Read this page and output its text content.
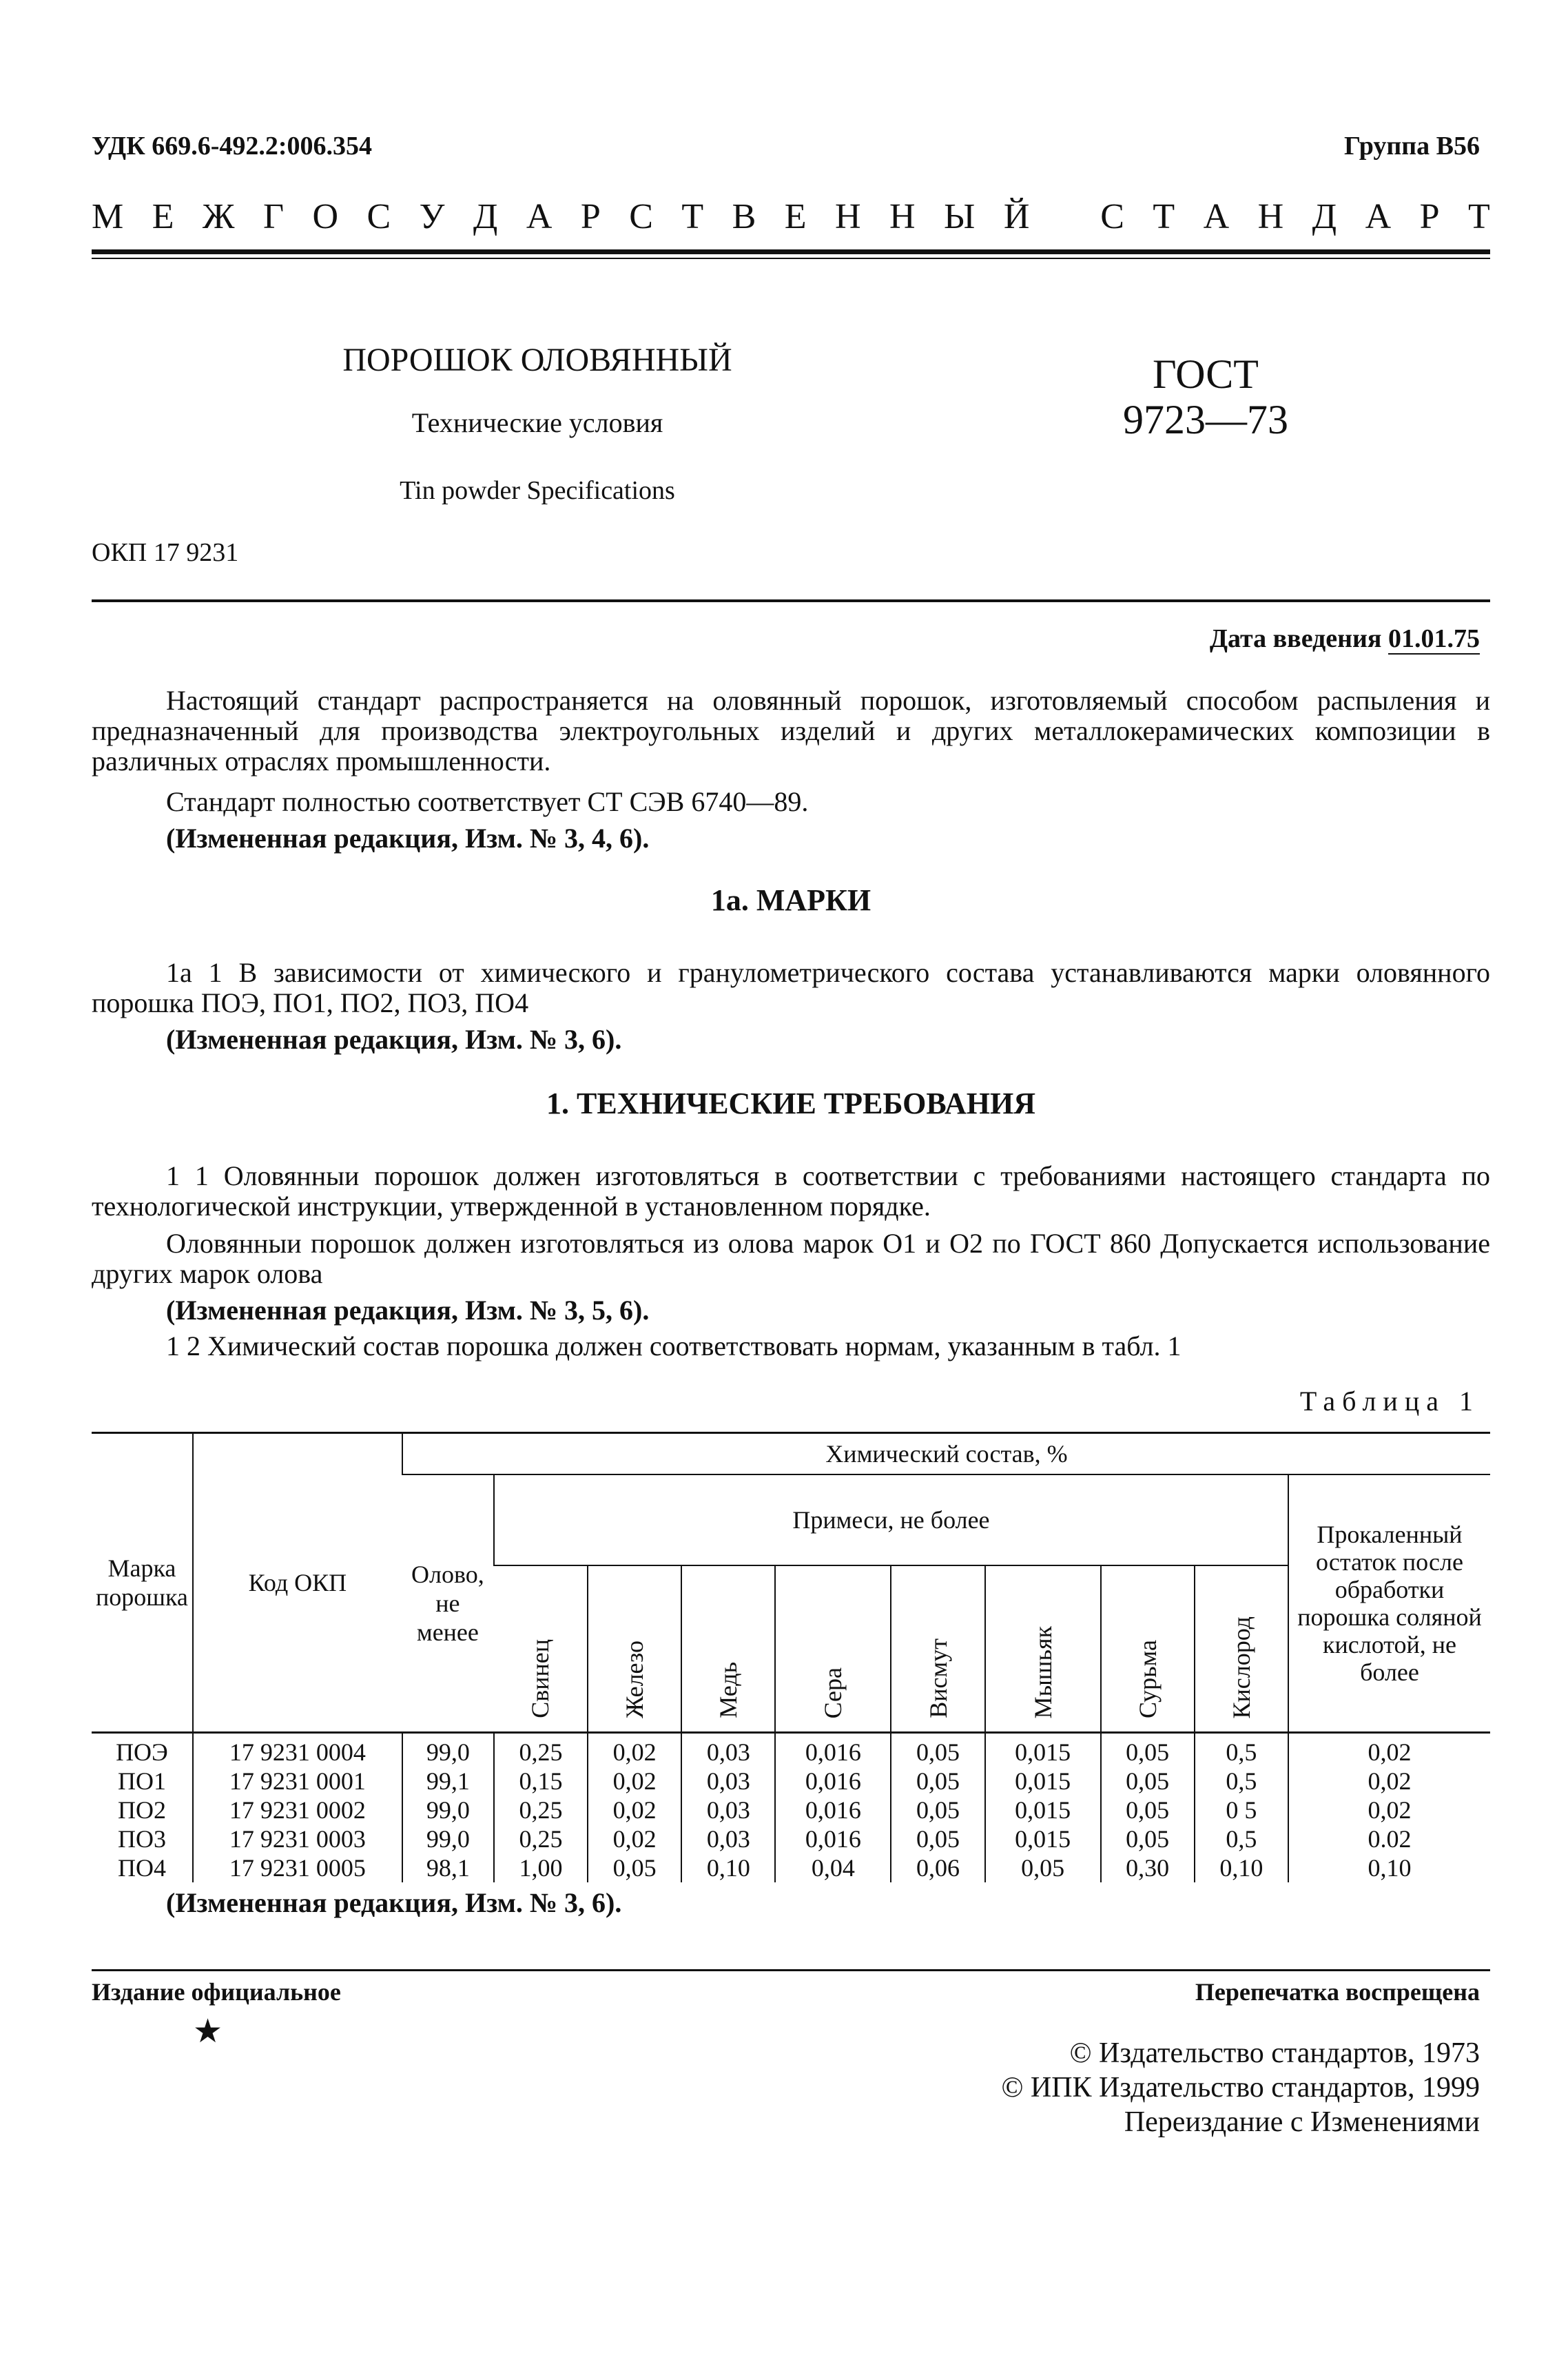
УДК 669.6-492.2:006.354	Группа В56
М Е Ж Г О С У Д А Р С Т В Е Н Н Ы Й С Т А Н Д А Р Т
ПОРОШОК ОЛОВЯННЫЙ
Технические условия
Tin powder Specifications
ГОСТ
9723—73
ОКП 17 9231
Дата введения 01.01.75
Настоящий стандарт распространяется на оловянный порошок, изготовляемый способом распыления и предназначенный для производства электроугольных изделий и других металлокерамических композиции в различных отраслях промышленности.
Стандарт полностью соответствует СТ СЭВ 6740—89.
(Измененная редакция, Изм. № 3, 4, 6).
1а. МАРКИ
1а 1 В зависимости от химического и гранулометрического состава устанавливаются марки оловянного порошка ПОЭ, ПО1, ПО2, ПО3, ПО4
(Измененная редакция, Изм. № 3, 6).
1. ТЕХНИЧЕСКИЕ ТРЕБОВАНИЯ
1 1 Оловянныи порошок должен изготовляться в соответствии с требованиями настоящего стандарта по технологической инструкции, утвержденной в установленном порядке.
Оловянныи порошок должен изготовляться из олова марок О1 и О2 по ГОСТ 860 Допускается использование других марок олова
(Измененная редакция, Изм. № 3, 5, 6).
1 2 Химический состав порошка должен соответствовать нормам, указанным в табл. 1
Таблица 1
Марка порошка	Код ОКП	Химический состав, %									
		Олово, не менее	Примеси, не более								Прокаленный остаток после обработки порошка соляной кислотой, не более
			Свинец	Железо	Медь	Сера	Висмут	Мышьяк	Сурьма	Кислород	
ПОЭ	17 9231 0004	99,0	0,25	0,02	0,03	0,016	0,05	0,015	0,05	0,5	0,02
ПО1	17 9231 0001	99,1	0,15	0,02	0,03	0,016	0,05	0,015	0,05	0,5	0,02
ПО2	17 9231 0002	99,0	0,25	0,02	0,03	0,016	0,05	0,015	0,05	0 5	0,02
ПО3	17 9231 0003	99,0	0,25	0,02	0,03	0,016	0,05	0,015	0,05	0,5	0.02
ПО4	17 9231 0005	98,1	1,00	0,05	0,10	0,04	0,06	0,05	0,30	0,10	0,10
(Измененная редакция, Изм. № 3, 6).
Издание официальное	Перепечатка воспрещена
★
© Издательство стандартов, 1973
© ИПК Издательство стандартов, 1999
Переиздание с Изменениями
